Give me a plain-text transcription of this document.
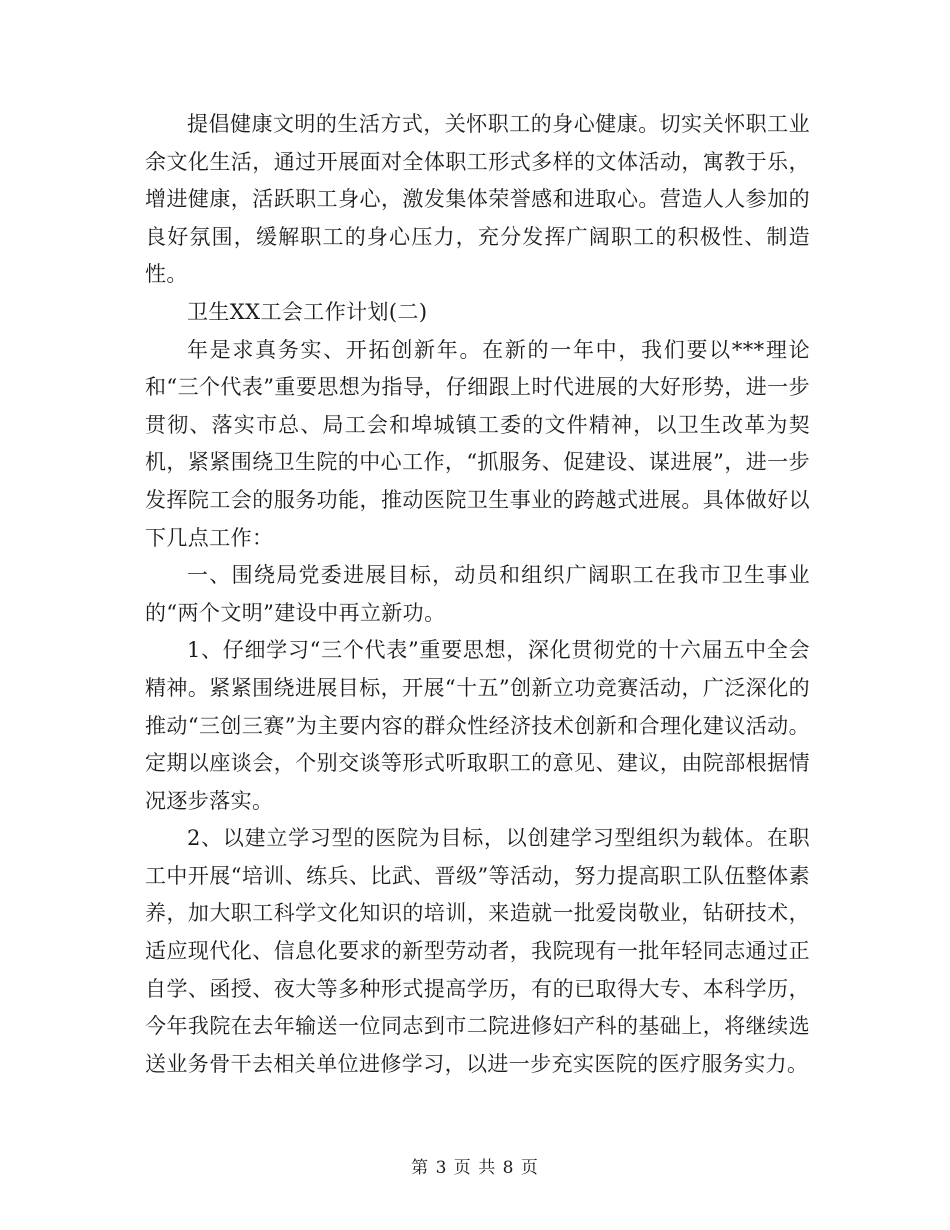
提倡健康文明的生活方式，关怀职工的身心健康。切实关怀职工业余文化生活，通过开展面对全体职工形式多样的文体活动，寓教于乐，增进健康，活跃职工身心，激发集体荣誉感和进取心。营造人人参加的良好氛围，缓解职工的身心压力，充分发挥广阔职工的积极性、制造性。

卫生XX工会工作计划(二)

年是求真务实、开拓创新年。在新的一年中，我们要以***理论和“三个代表”重要思想为指导，仔细跟上时代进展的大好形势，进一步贯彻、落实市总、局工会和埠城镇工委的文件精神，以卫生改革为契机，紧紧围绕卫生院的中心工作，“抓服务、促建设、谋进展”，进一步发挥院工会的服务功能，推动医院卫生事业的跨越式进展。具体做好以下几点工作：

一、围绕局党委进展目标，动员和组织广阔职工在我市卫生事业的“两个文明”建设中再立新功。

1、仔细学习“三个代表”重要思想，深化贯彻党的十六届五中全会精神。紧紧围绕进展目标，开展“十五”创新立功竞赛活动，广泛深化的推动“三创三赛”为主要内容的群众性经济技术创新和合理化建议活动。定期以座谈会，个别交谈等形式听取职工的意见、建议，由院部根据情况逐步落实。

2、以建立学习型的医院为目标，以创建学习型组织为载体。在职工中开展“培训、练兵、比武、晋级”等活动，努力提高职工队伍整体素养，加大职工科学文化知识的培训，来造就一批爱岗敬业，钻研技术，适应现代化、信息化要求的新型劳动者，我院现有一批年轻同志通过正自学、函授、夜大等多种形式提高学历，有的已取得大专、本科学历，今年我院在去年输送一位同志到市二院进修妇产科的基础上，将继续选送业务骨干去相关单位进修学习，以进一步充实医院的医疗服务实力。

第 3 页 共 8 页
